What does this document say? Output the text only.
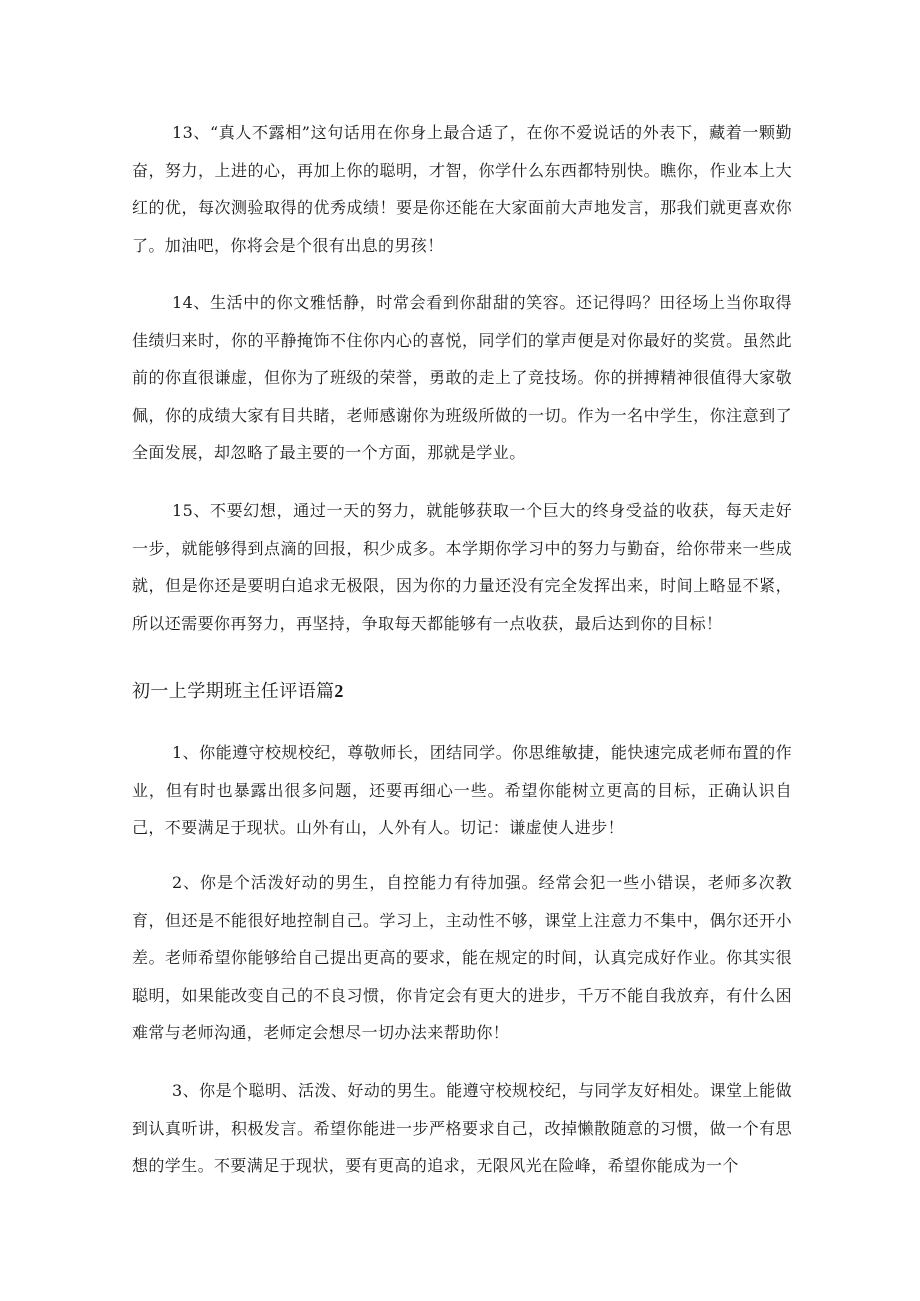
13、“真人不露相”这句话用在你身上最合适了，在你不爱说话的外表下，藏着一颗勤奋，努力，上进的心，再加上你的聪明，才智，你学什么东西都特别快。瞧你，作业本上大红的优，每次测验取得的优秀成绩！要是你还能在大家面前大声地发言，那我们就更喜欢你了。加油吧，你将会是个很有出息的男孩！

14、生活中的你文雅恬静，时常会看到你甜甜的笑容。还记得吗？田径场上当你取得佳绩归来时，你的平静掩饰不住你内心的喜悦，同学们的掌声便是对你最好的奖赏。虽然此前的你直很谦虚，但你为了班级的荣誉，勇敢的走上了竞技场。你的拼搏精神很值得大家敬佩，你的成绩大家有目共睹，老师感谢你为班级所做的一切。作为一名中学生，你注意到了全面发展，却忽略了最主要的一个方面，那就是学业。

15、不要幻想，通过一天的努力，就能够获取一个巨大的终身受益的收获，每天走好一步，就能够得到点滴的回报，积少成多。本学期你学习中的努力与勤奋，给你带来一些成就，但是你还是要明白追求无极限，因为你的力量还没有完全发挥出来，时间上略显不紧，所以还需要你再努力，再坚持，争取每天都能够有一点收获，最后达到你的目标！

初一上学期班主任评语篇2

1、你能遵守校规校纪，尊敬师长，团结同学。你思维敏捷，能快速完成老师布置的作业，但有时也暴露出很多问题，还要再细心一些。希望你能树立更高的目标，正确认识自己，不要满足于现状。山外有山，人外有人。切记：谦虚使人进步！

2、你是个活泼好动的男生，自控能力有待加强。经常会犯一些小错误，老师多次教育，但还是不能很好地控制自己。学习上，主动性不够，课堂上注意力不集中，偶尔还开小差。老师希望你能够给自己提出更高的要求，能在规定的时间，认真完成好作业。你其实很聪明，如果能改变自己的不良习惯，你肯定会有更大的进步，千万不能自我放弃，有什么困难常与老师沟通，老师定会想尽一切办法来帮助你！

3、你是个聪明、活泼、好动的男生。能遵守校规校纪，与同学友好相处。课堂上能做到认真听讲，积极发言。希望你能进一步严格要求自己，改掉懒散随意的习惯，做一个有思想的学生。不要满足于现状，要有更高的追求，无限风光在险峰，希望你能成为一个
